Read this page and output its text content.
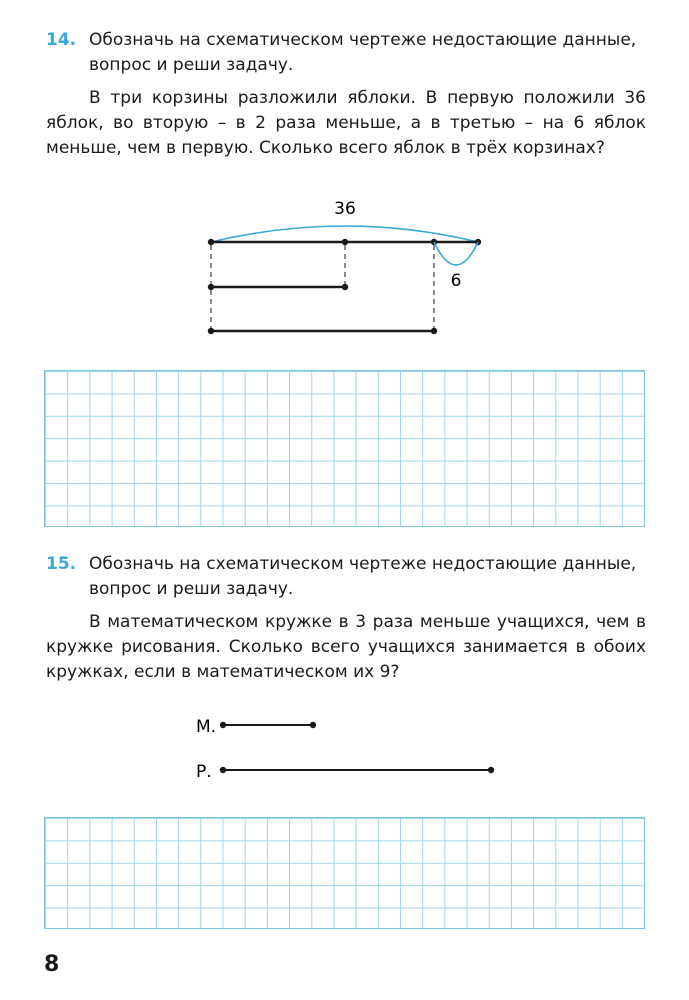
14. Обозначь на схематическом чертеже недостающие данные, вопрос и реши задачу.
В три корзины разложили яблоки. В первую положили 36 яблок, во вторую – в 2 раза меньше, а в третью – на 6 яблок меньше, чем в первую. Сколько всего яблок в трёх корзинах?
36
6
15. Обозначь на схематическом чертеже недостающие данные, вопрос и реши задачу.
В математическом кружке в 3 раза меньше учащихся, чем в кружке рисования. Сколько всего учащихся занимается в обоих кружках, если в математическом их 9?
М.
Р.
8
